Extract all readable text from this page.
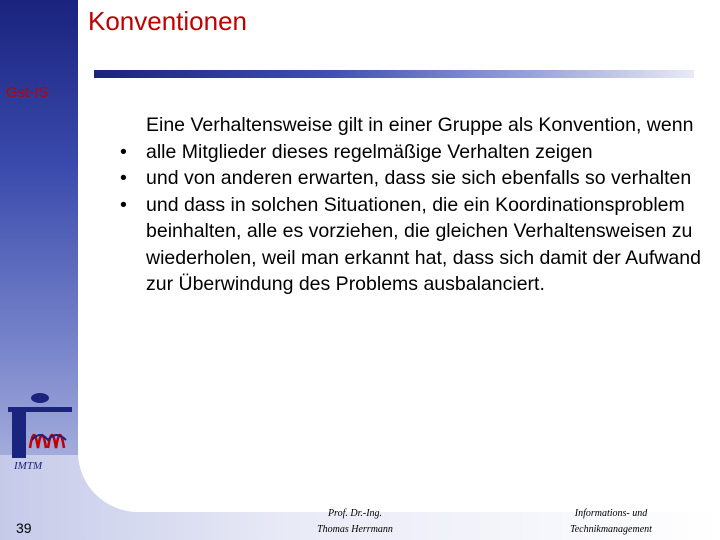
Konventionen
Gst-IS
Eine Verhaltensweise gilt in einer Gruppe als Konvention, wenn
• alle Mitglieder dieses regelmäßige Verhalten zeigen
• und von anderen erwarten, dass sie sich ebenfalls so verhalten
• und dass in solchen Situationen, die ein Koordinationsproblem beinhalten, alle es vorziehen, die gleichen Verhaltensweisen zu wiederholen, weil man erkannt hat, dass sich damit der Aufwand zur Überwindung des Problems ausbalanciert.
IMTM
39
Prof. Dr.-Ing.
Thomas Herrmann
Informations- und
Technikmanagement
